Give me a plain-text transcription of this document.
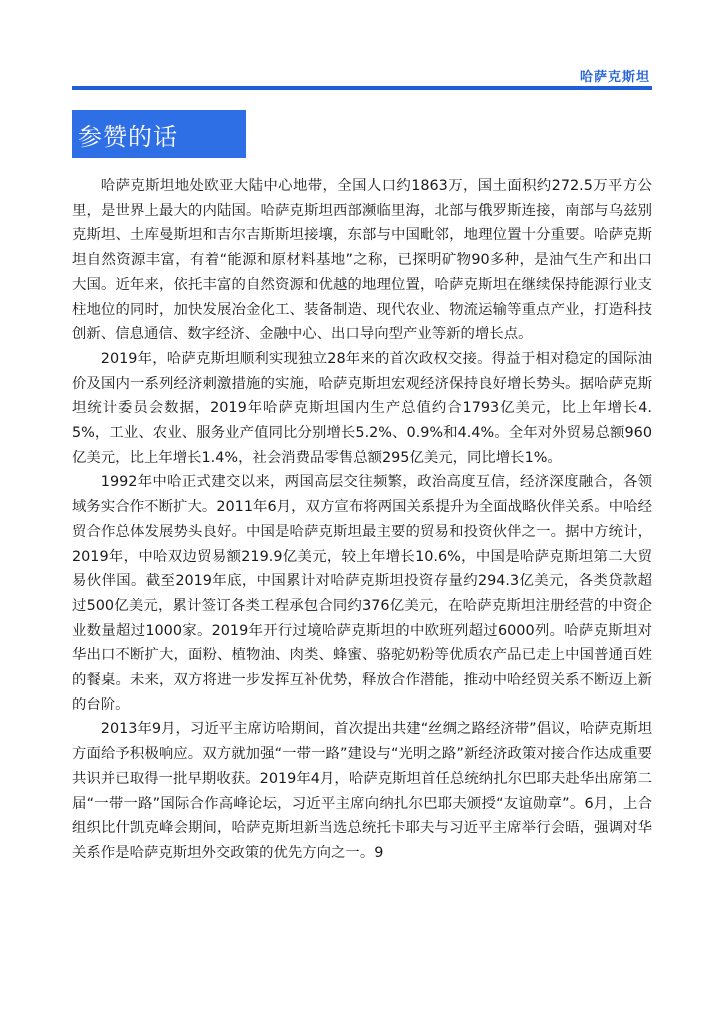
哈萨克斯坦
参赞的话

哈萨克斯坦地处欧亚大陆中心地带，全国人口约1863万，国土面积约272.5万平方公里，是世界上最大的内陆国。哈萨克斯坦西部濒临里海，北部与俄罗斯连接，南部与乌兹别克斯坦、土库曼斯坦和吉尔吉斯斯坦接壤，东部与中国毗邻，地理位置十分重要。哈萨克斯坦自然资源丰富，有着“能源和原材料基地”之称，已探明矿物90多种，是油气生产和出口大国。近年来，依托丰富的自然资源和优越的地理位置，哈萨克斯坦在继续保持能源行业支柱地位的同时，加快发展冶金化工、装备制造、现代农业、物流运输等重点产业，打造科技创新、信息通信、数字经济、金融中心、出口导向型产业等新的增长点。

2019年，哈萨克斯坦顺利实现独立28年来的首次政权交接。得益于相对稳定的国际油价及国内一系列经济刺激措施的实施，哈萨克斯坦宏观经济保持良好增长势头。据哈萨克斯坦统计委员会数据，2019年哈萨克斯坦国内生产总值约合1793亿美元，比上年增长4.5%，工业、农业、服务业产值同比分别增长5.2%、0.9%和4.4%。全年对外贸易总额960亿美元，比上年增长1.4%，社会消费品零售总额295亿美元，同比增长1%。

1992年中哈正式建交以来，两国高层交往频繁，政治高度互信，经济深度融合，各领域务实合作不断扩大。2011年6月，双方宣布将两国关系提升为全面战略伙伴关系。中哈经贸合作总体发展势头良好。中国是哈萨克斯坦最主要的贸易和投资伙伴之一。据中方统计，2019年，中哈双边贸易额219.9亿美元，较上年增长10.6%，中国是哈萨克斯坦第二大贸易伙伴国。截至2019年底，中国累计对哈萨克斯坦投资存量约294.3亿美元，各类贷款超过500亿美元，累计签订各类工程承包合同约376亿美元，在哈萨克斯坦注册经营的中资企业数量超过1000家。2019年开行过境哈萨克斯坦的中欧班列超过6000列。哈萨克斯坦对华出口不断扩大，面粉、植物油、肉类、蜂蜜、骆驼奶粉等优质农产品已走上中国普通百姓的餐桌。未来，双方将进一步发挥互补优势，释放合作潜能，推动中哈经贸关系不断迈上新的台阶。

2013年9月，习近平主席访哈期间，首次提出共建“丝绸之路经济带”倡议，哈萨克斯坦方面给予积极响应。双方就加强“一带一路”建设与“光明之路”新经济政策对接合作达成重要共识并已取得一批早期收获。2019年4月，哈萨克斯坦首任总统纳扎尔巴耶夫赴华出席第二届“一带一路”国际合作高峰论坛，习近平主席向纳扎尔巴耶夫颁授“友谊勋章”。6月，上合组织比什凯克峰会期间，哈萨克斯坦新当选总统托卡耶夫与习近平主席举行会晤，强调对华关系作是哈萨克斯坦外交政策的优先方向之一。9
